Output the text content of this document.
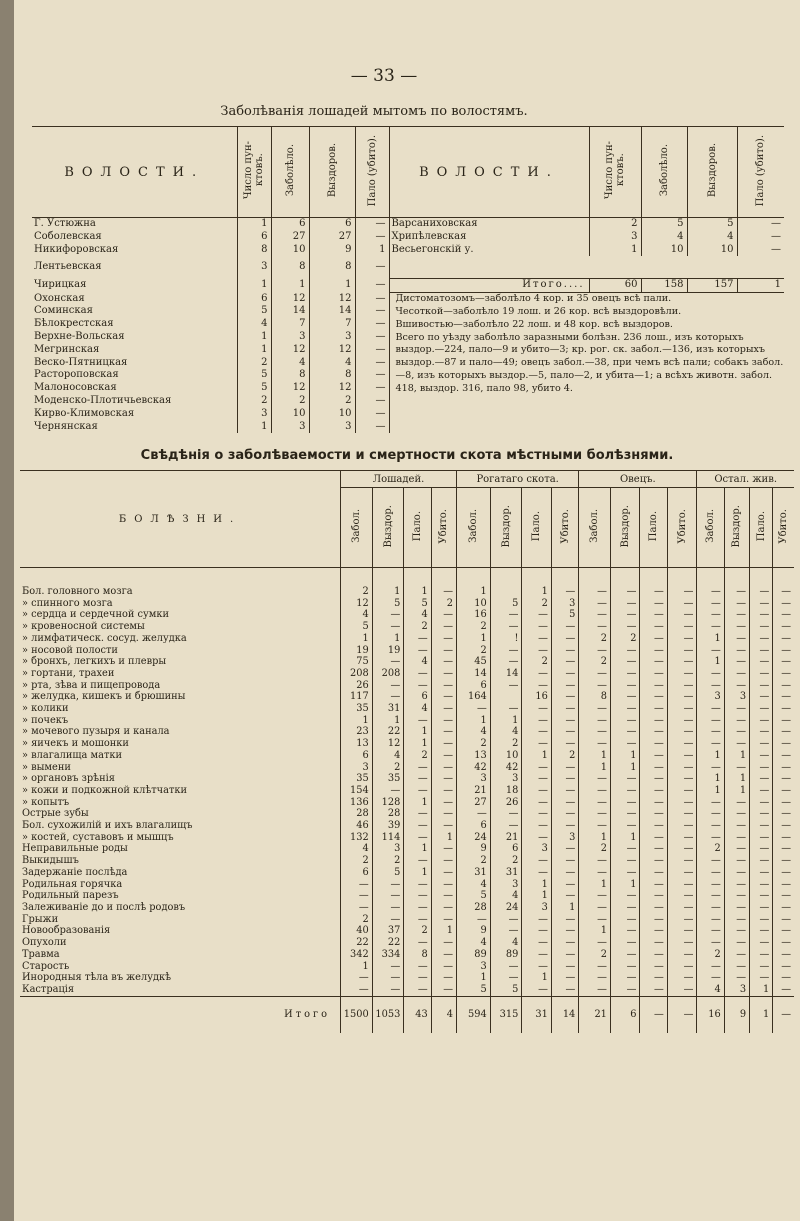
— 33 —
Заболѣванія лошадей мытомъ по волостямъ.
ВОЛОСТИ.	Число пун-
ктовъ.	Заболѣло.	Выздоров.	Пало (убито).	ВОЛОСТИ.	Число пун-
ктовъ.	Заболѣло.	Выздоров.	Пало (убито).
Г. Устюжна	1	6	6	—	Варсаниховская	2	5	5	—
Соболевская	6	27	27	—	Хрипѣлевская	3	4	4	—
Никифоровская	8	10	9	1	Весьегонскій у.	1	10	10	—
Лентьевская	3	8	8	—					
Чирицкая	1	1	1	—	Итого....	60	158	157	1
Охонская	6	12	12	—	Дистоматозомъ—заболѣло 4 кор. и 35 овецъ всѣ пали.
Чесоткой—заболѣло 19 лош. и 26 кор. всѣ выздоровѣли.
Вшивостью—заболѣло 22 лош. и 48 кор. всѣ выздоров.
Всего по уѣзду заболѣло заразными болѣзн. 236 лош., изъ которыхъ выздор.—224, пало—9 и убито—3; кр. рог. ск. забол.—136, изъ которыхъ выздор.—87 и пало—49; овецъ забол.—38, при чемъ всѣ пали; собакъ забол.—8, изъ которыхъ выздор.—5, пало—2, и убита—1; а всѣхъ животн. забол. 418, выздор. 316, пало 98, убито 4.				

Соминская	5	14	14	—					
Бѣлокрестская	4	7	7	—					
Верхне-Вольская	1	3	3	—					
Мегринская	1	12	12	—					
Веско-Пятницкая	2	4	4	—					
Растороповская	5	8	8	—					
Малоносовская	5	12	12	—					
Моденско-Плотичьевская	2	2	2	—					
Кирво-Климовская	3	10	10	—					
Чернянская	1	3	3	—					
Свѣдѣнія о заболѣваемости и смертности скота мѣстными болѣзнями.
БОЛѢЗНИ.	Лошадей.				Рогатаго скота.				Овецъ.				Остал. жив.			
	Забол.	Выздор.	Пало.	Убито.	Забол.	Выздор.	Пало.	Убито.	Забол.	Выздор.	Пало.	Убито.	Забол.	Выздор.	Пало.	Убито.

Бол. головного мозга	2	1	1	—	1		1	—	—	—	—	—	—	—	—	—
» спинного мозга	12	5	5	2	10	5	2	3	—	—	—	—	—	—	—	—
» сердца и сердечной сумки	4	—	4	—	16	—	—	5	—	—	—	—	—	—	—	—
» кровеносной системы	5	—	2	—	2	—	—	—	—	—	—	—	—	—	—	—
» лимфатическ. сосуд. желудка	1	1	—	—	1	!	—	—	2	2	—	—	1	—	—	—
» носовой полости	19	19	—	—	2	—	—	—	—	—	—	—	—	—	—	—
» бронхъ, легкихъ и плевры	75	—	4	—	45	—	2	—	2	—	—	—	1	—	—	—
» гортани, трахеи	208	208	—	—	14	14	—	—	—	—	—	—	—	—	—	—
» рта, зѣва и пищепровода	26	—	—	—	6	—	—	—	—	—	—	—	—	—	—	—
» желудка, кишекъ и брюшины	117	—	6	—	164		16	—	8	—	—	—	3	3	—	—
» колики	35	31	4	—	—	—	—	—	—	—	—	—	—	—	—	—
» почекъ	1	1	—	—	1	1	—	—	—	—	—	—	—	—	—	—
» мочевого пузыря и канала	23	22	1	—	4	4	—	—	—	—	—	—	—	—	—	—
» яичекъ и мошонки	13	12	1	—	2	2	—	—	—	—	—	—	—	—	—	—
» влагалища матки	6	4	2	—	13	10	1	2	1	1	—	—	1	1	—	—
» вымени	3	2	—	—	42	42	—	—	1	1	—	—	—	—	—	—
» органовъ зрѣнія	35	35	—	—	3	3	—	—	—	—	—	—	1	1	—	—
» кожи и подкожной клѣтчатки	154	—	—	—	21	18	—	—	—	—	—	—	1	1	—	—
» копытъ	136	128	1	—	27	26	—	—	—	—	—	—	—	—	—	—
Острые зубы	28	28	—	—	—	—	—	—	—	—	—	—	—	—	—	—
Бол. сухожилій и ихъ влагалищъ	46	39	—	—	6	—	—	—	—	—	—	—	—	—	—	—
» костей, суставовъ и мышцъ	132	114	—	1	24	21	—	3	1	1	—	—	—	—	—	—
Неправильные роды	4	3	1	—	9	6	3	—	2	—	—	—	2	—	—	—
Выкидышъ	2	2	—	—	2	2	—	—	—	—	—	—	—	—	—	—
Задержаніе послѣда	6	5	1	—	31	31	—	—	—	—	—	—	—	—	—	—
Родильная горячка	—	—	—	—	4	3	1	—	1	1	—	—	—	—	—	—
Родильный парезъ	—	—	—	—	5	4	1	—	—	—	—	—	—	—	—	—
Залеживаніе до и послѣ родовъ	—	—	—	—	28	24	3	1	—	—	—	—	—	—	—	—
Грыжи	2	—	—	—	—	—	—	—	—	—	—	—	—	—	—	—
Новообразованія	40	37	2	1	9	—	—	—	1	—	—	—	—	—	—	—
Опухоли	22	22	—	—	4	4	—	—	—	—	—	—	—	—	—	—
Травма	342	334	8	—	89	89	—	—	2	—	—	—	2	—	—	—
Старость	1	—	—	—	3	—	—	—	—	—	—	—	—	—	—	—
Инородныя тѣла въ желудкѣ	—	—	—	—	1	—	1	—	—	—	—	—	—	—	—	—
Кастрація	—	—	—	—	5	5	—	—	—	—	—	—	4	3	1	—
Итого	1500	1053	43	4	594	315	31	14	21	6	—	—	16	9	1	—
